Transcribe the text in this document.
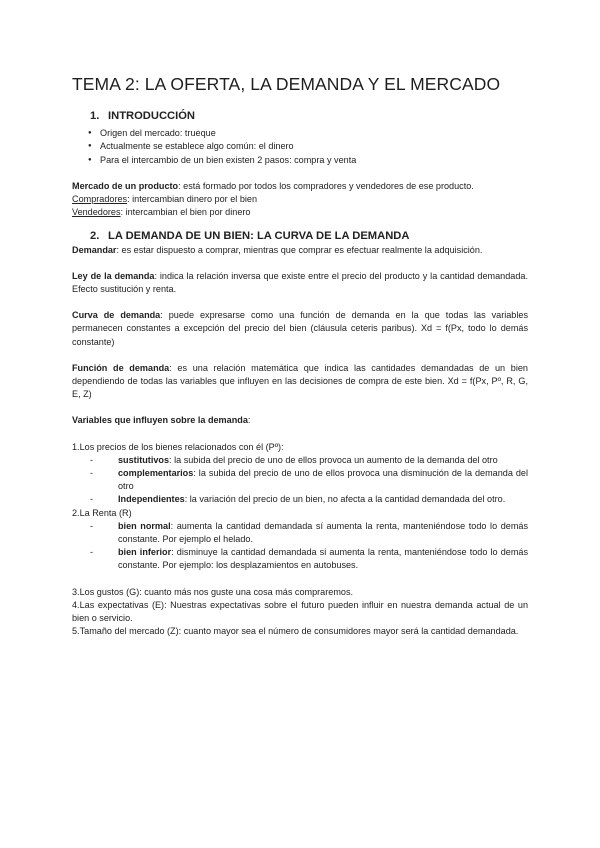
TEMA 2: LA OFERTA, LA DEMANDA Y EL MERCADO
1. INTRODUCCIÓN
● Origen del mercado: trueque
● Actualmente se establece algo común: el dinero
● Para el intercambio de un bien existen 2 pasos: compra y venta

Mercado de un producto: está formado por todos los compradores y vendedores de ese producto.

Compradores: intercambian dinero por el bien

Vendedores: intercambian el bien por dinero

2. LA DEMANDA DE UN BIEN: LA CURVA DE LA DEMANDA

Demandar: es estar dispuesto a comprar, mientras que comprar es efectuar realmente la adquisición.

Ley de la demanda: indica la relación inversa que existe entre el precio del producto y la cantidad demandada. Efecto sustitución y renta.

Curva de demanda: puede expresarse como una función de demanda en la que todas las variables permanecen constantes a excepción del precio del bien (cláusula ceteris paribus). Xd = f(Px, todo lo demás constante)

Función de demanda: es una relación matemática que indica las cantidades demandadas de un bien dependiendo de todas las variables que influyen en las decisiones de compra de este bien. Xd = f(Px, Pº, R, G, E, Z)

Variables que influyen sobre la demanda:

1.Los precios de los bienes relacionados con él (Pº):

- sustitutivos: la subida del precio de uno de ellos provoca un aumento de la demanda del otro
- complementarios: la subida del precio de uno de ellos provoca una disminución de la demanda del otro
- Independientes: la variación del precio de un bien, no afecta a la cantidad demandada del otro.

2.La Renta (R)

- bien normal: aumenta la cantidad demandada sí aumenta la renta, manteniéndose todo lo demás constante. Por ejemplo el helado.
- bien inferior: disminuye la cantidad demandada si aumenta la renta, manteniéndose todo lo demás constante. Por ejemplo: los desplazamientos en autobuses.

3.Los gustos (G): cuanto más nos guste una cosa más compraremos.

4.Las expectativas (E): Nuestras expectativas sobre el futuro pueden influir en nuestra demanda actual de un bien o servicio.

5.Tamaño del mercado (Z): cuanto mayor sea el número de consumidores mayor será la cantidad demandada.
